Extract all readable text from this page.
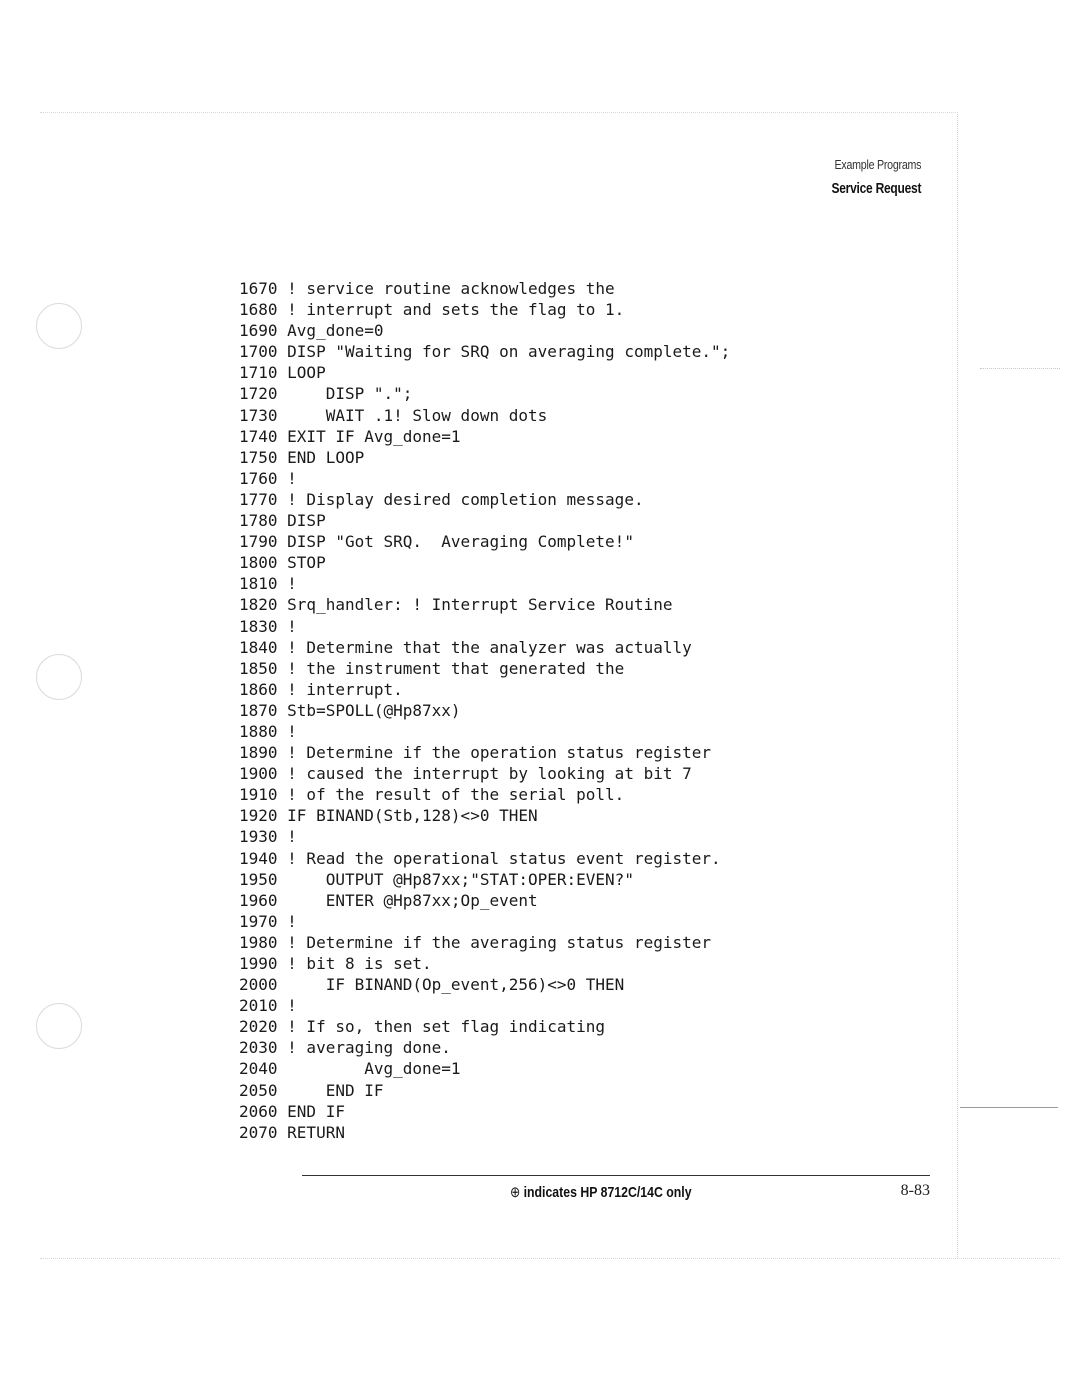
Example Programs
Service Request
1670 ! service routine acknowledges the
1680 ! interrupt and sets the flag to 1.
1690 Avg_done=0
1700 DISP "Waiting for SRQ on averaging complete.";
1710 LOOP
1720     DISP ".";
1730     WAIT .1! Slow down dots
1740 EXIT IF Avg_done=1
1750 END LOOP
1760 !
1770 ! Display desired completion message.
1780 DISP
1790 DISP "Got SRQ.  Averaging Complete!"
1800 STOP
1810 !
1820 Srq_handler: ! Interrupt Service Routine
1830 !
1840 ! Determine that the analyzer was actually
1850 ! the instrument that generated the
1860 ! interrupt.
1870 Stb=SPOLL(@Hp87xx)
1880 !
1890 ! Determine if the operation status register
1900 ! caused the interrupt by looking at bit 7
1910 ! of the result of the serial poll.
1920 IF BINAND(Stb,128)<>0 THEN
1930 !
1940 ! Read the operational status event register.
1950     OUTPUT @Hp87xx;"STAT:OPER:EVEN?"
1960     ENTER @Hp87xx;Op_event
1970 !
1980 ! Determine if the averaging status register
1990 ! bit 8 is set.
2000     IF BINAND(Op_event,256)<>0 THEN
2010 !
2020 ! If so, then set flag indicating
2030 ! averaging done.
2040         Avg_done=1
2050     END IF
2060 END IF
2070 RETURN
⊕ indicates HP 8712C/14C only	8-83
